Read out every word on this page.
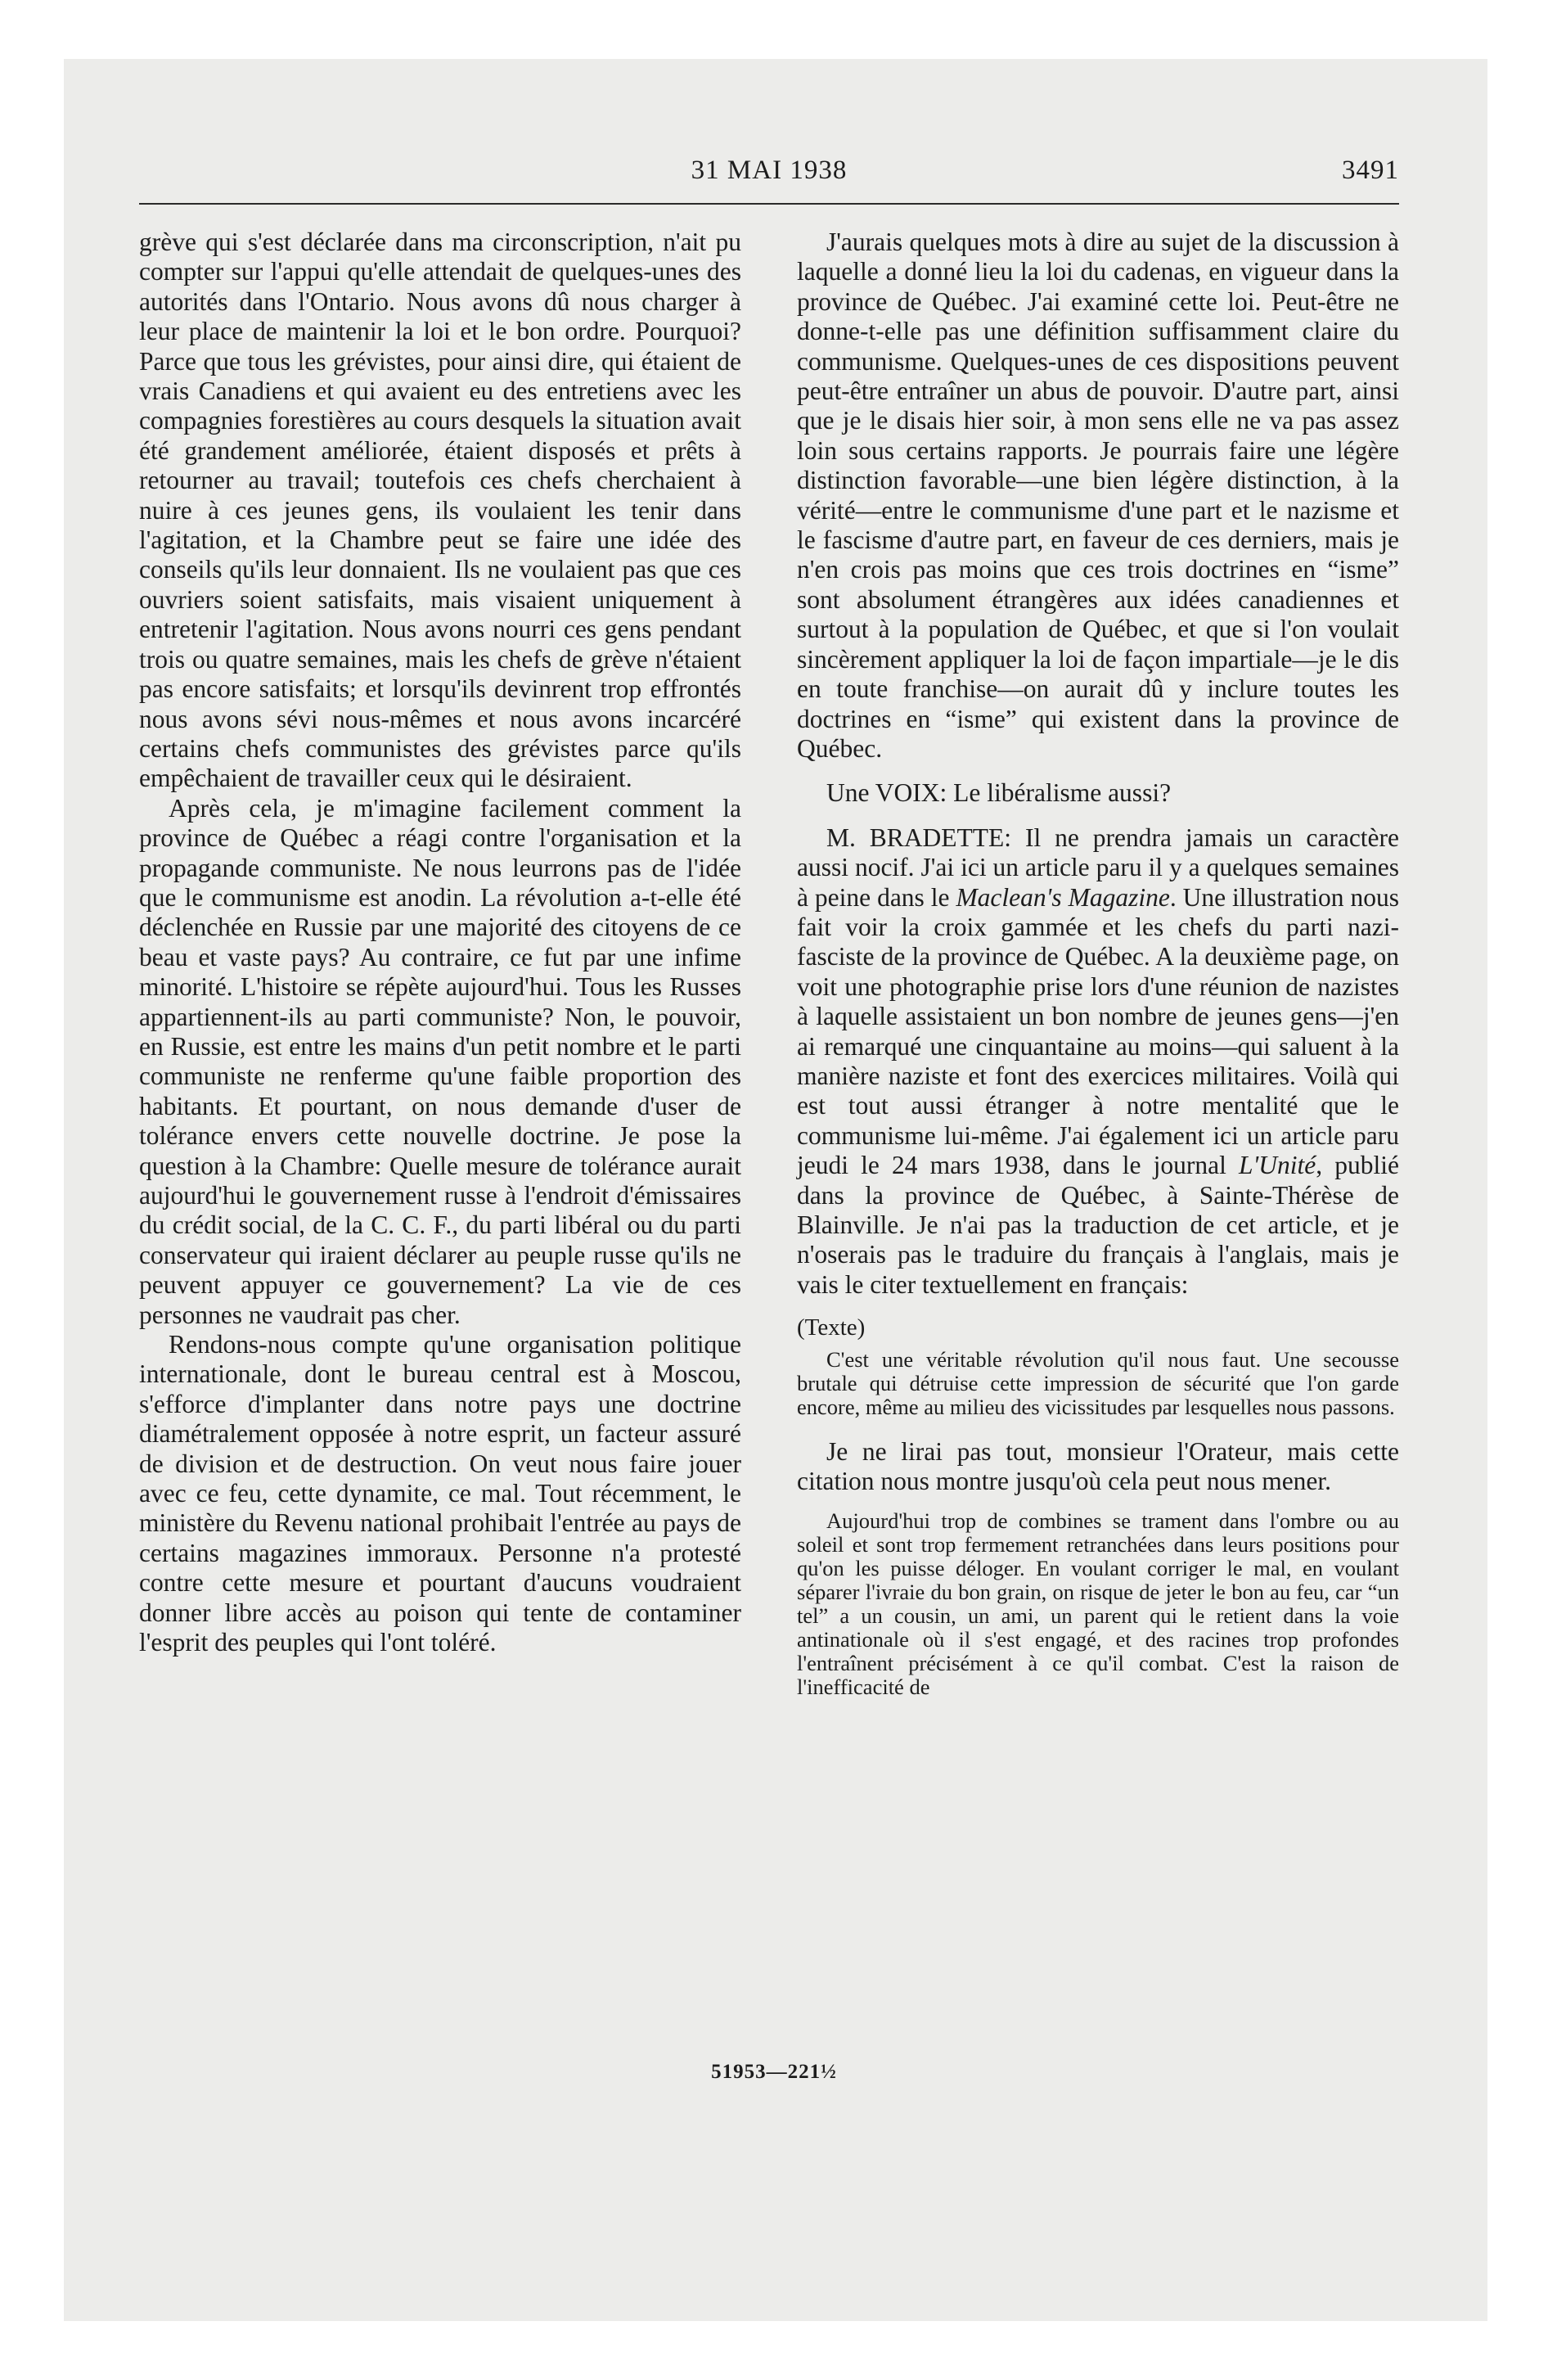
31 MAI 1938	3491

grève qui s'est déclarée dans ma circonscription, n'ait pu compter sur l'appui qu'elle attendait de quelques-unes des autorités dans l'Ontario. Nous avons dû nous charger à leur place de maintenir la loi et le bon ordre. Pourquoi? Parce que tous les grévistes, pour ainsi dire, qui étaient de vrais Canadiens et qui avaient eu des entretiens avec les compagnies forestières au cours desquels la situation avait été grandement améliorée, étaient disposés et prêts à retourner au travail; toutefois ces chefs cherchaient à nuire à ces jeunes gens, ils voulaient les tenir dans l'agitation, et la Chambre peut se faire une idée des conseils qu'ils leur donnaient. Ils ne voulaient pas que ces ouvriers soient satisfaits, mais visaient uniquement à entretenir l'agitation. Nous avons nourri ces gens pendant trois ou quatre semaines, mais les chefs de grève n'étaient pas encore satisfaits; et lorsqu'ils devinrent trop effrontés nous avons sévi nous-mêmes et nous avons incarcéré certains chefs communistes des grévistes parce qu'ils empêchaient de travailler ceux qui le désiraient.

Après cela, je m'imagine facilement comment la province de Québec a réagi contre l'organisation et la propagande communiste. Ne nous leurrons pas de l'idée que le communisme est anodin. La révolution a-t-elle été déclenchée en Russie par une majorité des citoyens de ce beau et vaste pays? Au contraire, ce fut par une infime minorité. L'histoire se répète aujourd'hui. Tous les Russes appartiennent-ils au parti communiste? Non, le pouvoir, en Russie, est entre les mains d'un petit nombre et le parti communiste ne renferme qu'une faible proportion des habitants. Et pourtant, on nous demande d'user de tolérance envers cette nouvelle doctrine. Je pose la question à la Chambre: Quelle mesure de tolérance aurait aujourd'hui le gouvernement russe à l'endroit d'émissaires du crédit social, de la C. C. F., du parti libéral ou du parti conservateur qui iraient déclarer au peuple russe qu'ils ne peuvent appuyer ce gouvernement? La vie de ces personnes ne vaudrait pas cher.

Rendons-nous compte qu'une organisation politique internationale, dont le bureau central est à Moscou, s'efforce d'implanter dans notre pays une doctrine diamétralement opposée à notre esprit, un facteur assuré de division et de destruction. On veut nous faire jouer avec ce feu, cette dynamite, ce mal. Tout récemment, le ministère du Revenu national prohibait l'entrée au pays de certains magazines immoraux. Personne n'a protesté contre cette mesure et pourtant d'aucuns voudraient donner libre accès au poison qui tente de contaminer l'esprit des peuples qui l'ont toléré.

J'aurais quelques mots à dire au sujet de la discussion à laquelle a donné lieu la loi du cadenas, en vigueur dans la province de Québec. J'ai examiné cette loi. Peut-être ne donne-t-elle pas une définition suffisamment claire du communisme. Quelques-unes de ces dispositions peuvent peut-être entraîner un abus de pouvoir. D'autre part, ainsi que je le disais hier soir, à mon sens elle ne va pas assez loin sous certains rapports. Je pourrais faire une légère distinction favorable—une bien légère distinction, à la vérité—entre le communisme d'une part et le nazisme et le fascisme d'autre part, en faveur de ces derniers, mais je n'en crois pas moins que ces trois doctrines en “isme” sont absolument étrangères aux idées canadiennes et surtout à la population de Québec, et que si l'on voulait sincèrement appliquer la loi de façon impartiale—je le dis en toute franchise—on aurait dû y inclure toutes les doctrines en “isme” qui existent dans la province de Québec.

Une VOIX: Le libéralisme aussi?

M. BRADETTE: Il ne prendra jamais un caractère aussi nocif. J'ai ici un article paru il y a quelques semaines à peine dans le Maclean's Magazine. Une illustration nous fait voir la croix gammée et les chefs du parti nazi-fasciste de la province de Québec. A la deuxième page, on voit une photographie prise lors d'une réunion de nazistes à laquelle assistaient un bon nombre de jeunes gens—j'en ai remarqué une cinquantaine au moins—qui saluent à la manière naziste et font des exercices militaires. Voilà qui est tout aussi étranger à notre mentalité que le communisme lui-même. J'ai également ici un article paru jeudi le 24 mars 1938, dans le journal L'Unité, publié dans la province de Québec, à Sainte-Thérèse de Blainville. Je n'ai pas la traduction de cet article, et je n'oserais pas le traduire du français à l'anglais, mais je vais le citer textuellement en français:

(Texte)

C'est une véritable révolution qu'il nous faut. Une secousse brutale qui détruise cette impression de sécurité que l'on garde encore, même au milieu des vicissitudes par lesquelles nous passons.

Je ne lirai pas tout, monsieur l'Orateur, mais cette citation nous montre jusqu'où cela peut nous mener.

Aujourd'hui trop de combines se trament dans l'ombre ou au soleil et sont trop fermement retranchées dans leurs positions pour qu'on les puisse déloger. En voulant corriger le mal, en voulant séparer l'ivraie du bon grain, on risque de jeter le bon au feu, car “un tel” a un cousin, un ami, un parent qui le retient dans la voie antinationale où il s'est engagé, et des racines trop profondes l'entraînent précisément à ce qu'il combat. C'est la raison de l'inefficacité de

51953—221½
